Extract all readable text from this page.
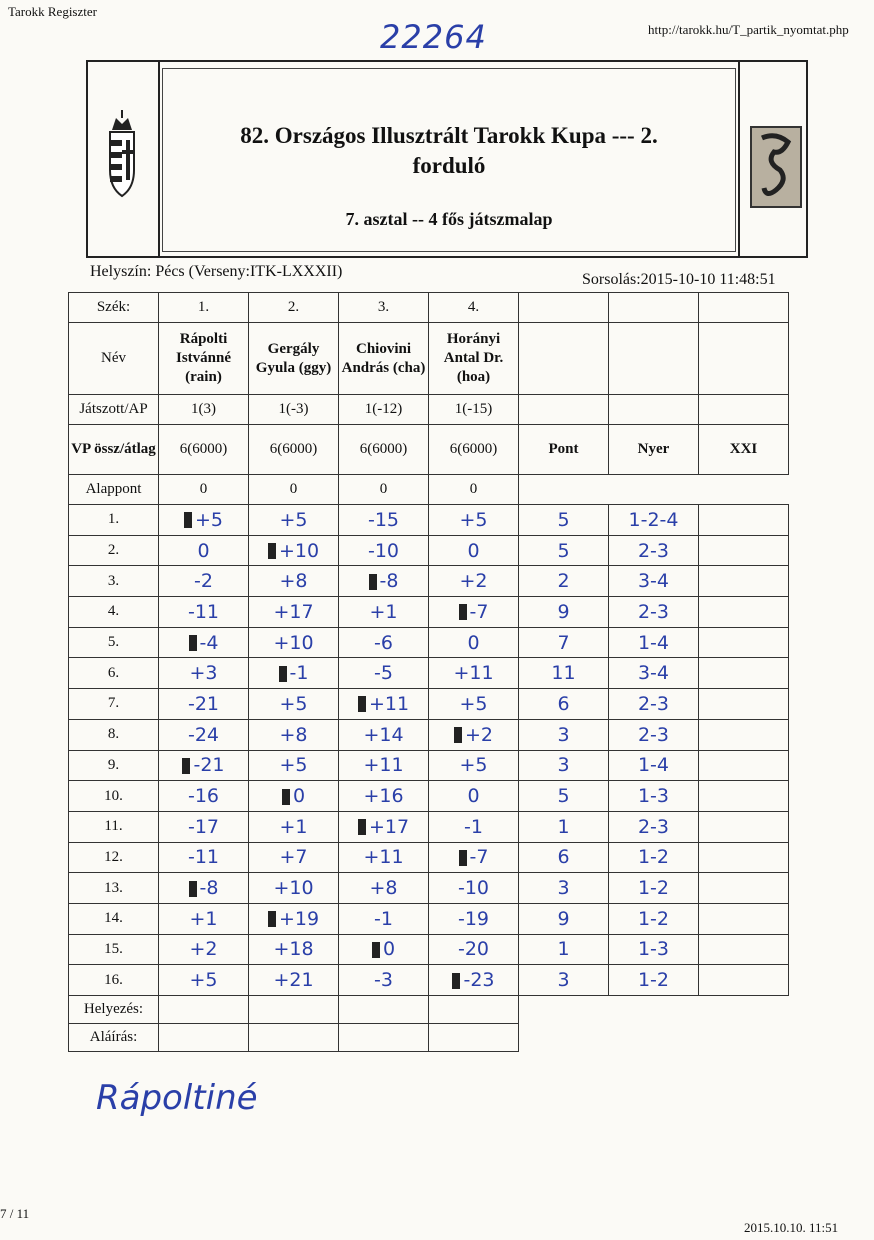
Tarokk Regiszter
http://tarokk.hu/T_partik_nyomtat.php
22264
82. Országos Illusztrált Tarokk Kupa --- 2.
forduló
7. asztal -- 4 fős játszmalap
Helyszín: Pécs (Verseny:ITK-LXXXII)	Sorsolás:2015-10-10 11:48:51
Szék:	1.	2.	3.	4.			
Név	Rápolti Istvánné (rain)	Gergály Gyula (ggy)	Chiovini András (cha)	Horányi Antal Dr. (hoa)			
Játszott/AP	1(3)	1(-3)	1(-12)	1(-15)			
VP össz/átlag	6(6000)	6(6000)	6(6000)	6(6000)	Pont	Nyer	XXI
Alappont	0	0	0	0			
1.	+5	+5	-15	+5	5	1-2-4	
2.	0	+10	-10	0	5	2-3	
3.	-2	+8	-8	+2	2	3-4	
4.	-11	+17	+1	-7	9	2-3	
5.	-4	+10	-6	0	7	1-4	
6.	+3	-1	-5	+11	11	3-4	
7.	-21	+5	+11	+5	6	2-3	
8.	-24	+8	+14	+2	3	2-3	
9.	-21	+5	+11	+5	3	1-4	
10.	-16	0	+16	0	5	1-3	
11.	-17	+1	+17	-1	1	2-3	
12.	-11	+7	+11	-7	6	1-2	
13.	-8	+10	+8	-10	3	1-2	
14.	+1	+19	-1	-19	9	1-2	
15.	+2	+18	0	-20	1	1-3	
16.	+5	+21	-3	-23	3	1-2	
Helyezés:							
Aláírás:							
Rápoltiné
7 / 11
2015.10.10. 11:51
